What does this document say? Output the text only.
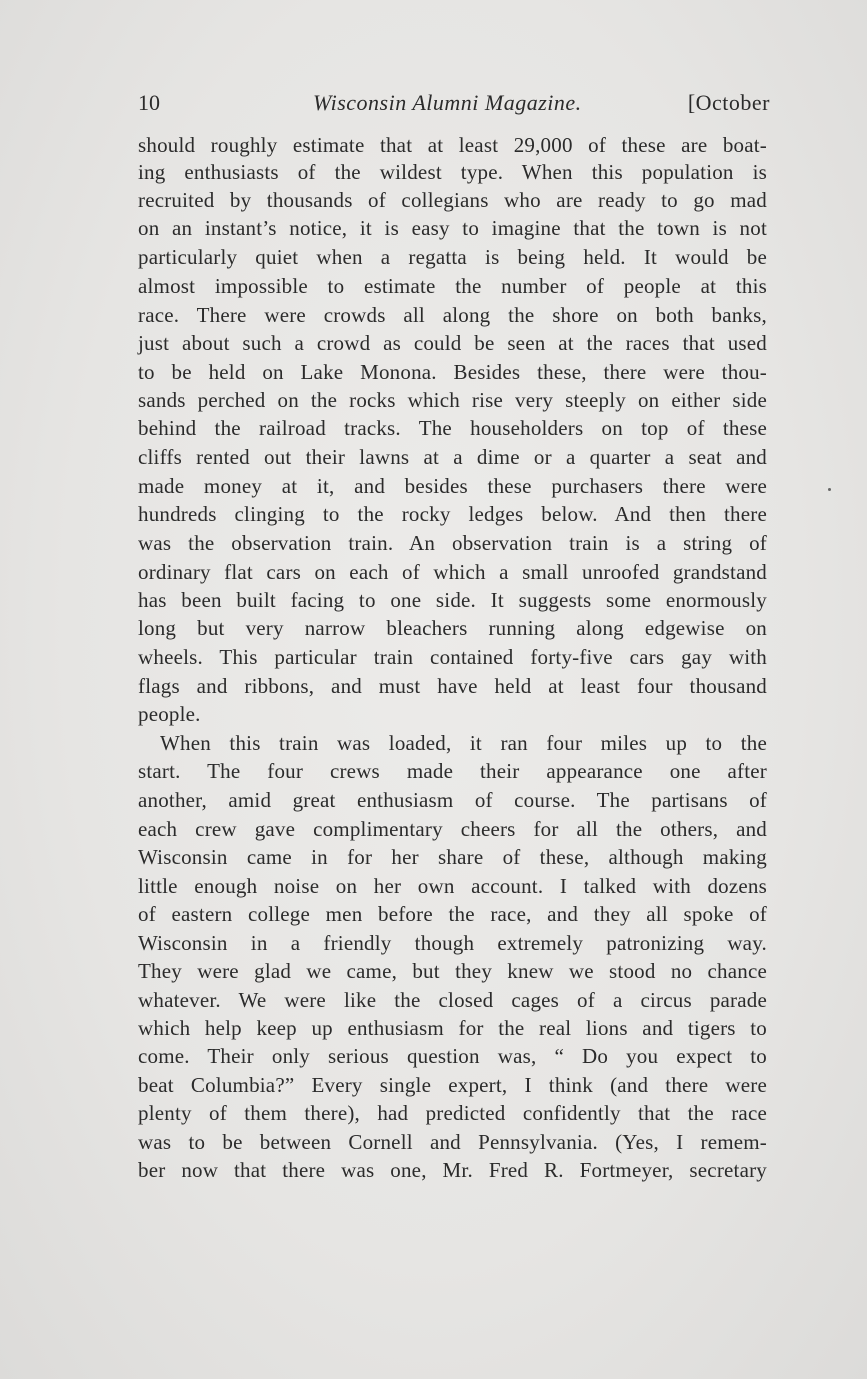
10	Wisconsin Alumni Magazine.	[October
should roughly estimate that at least 29,000 of these are boat-
ing enthusiasts of the wildest type. When this population is
recruited by thousands of collegians who are ready to go mad
on an instant’s notice, it is easy to imagine that the town is not
particularly quiet when a regatta is being held. It would be
almost impossible to estimate the number of people at this
race. There were crowds all along the shore on both banks,
just about such a crowd as could be seen at the races that used
to be held on Lake Monona. Besides these, there were thou-
sands perched on the rocks which rise very steeply on either side
behind the railroad tracks. The householders on top of these
cliffs rented out their lawns at a dime or a quarter a seat and
made money at it, and besides these purchasers there were
hundreds clinging to the rocky ledges below. And then there
was the observation train. An observation train is a string of
ordinary flat cars on each of which a small unroofed grandstand
has been built facing to one side. It suggests some enormously
long but very narrow bleachers running along edgewise on
wheels. This particular train contained forty-five cars gay with
flags and ribbons, and must have held at least four thousand
people.
When this train was loaded, it ran four miles up to the
start. The four crews made their appearance one after
another, amid great enthusiasm of course. The partisans of
each crew gave complimentary cheers for all the others, and
Wisconsin came in for her share of these, although making
little enough noise on her own account. I talked with dozens
of eastern college men before the race, and they all spoke of
Wisconsin in a friendly though extremely patronizing way.
They were glad we came, but they knew we stood no chance
whatever. We were like the closed cages of a circus parade
which help keep up enthusiasm for the real lions and tigers to
come. Their only serious question was, “ Do you expect to
beat Columbia?” Every single expert, I think (and there were
plenty of them there), had predicted confidently that the race
was to be between Cornell and Pennsylvania. (Yes, I remem-
ber now that there was one, Mr. Fred R. Fortmeyer, secretary
